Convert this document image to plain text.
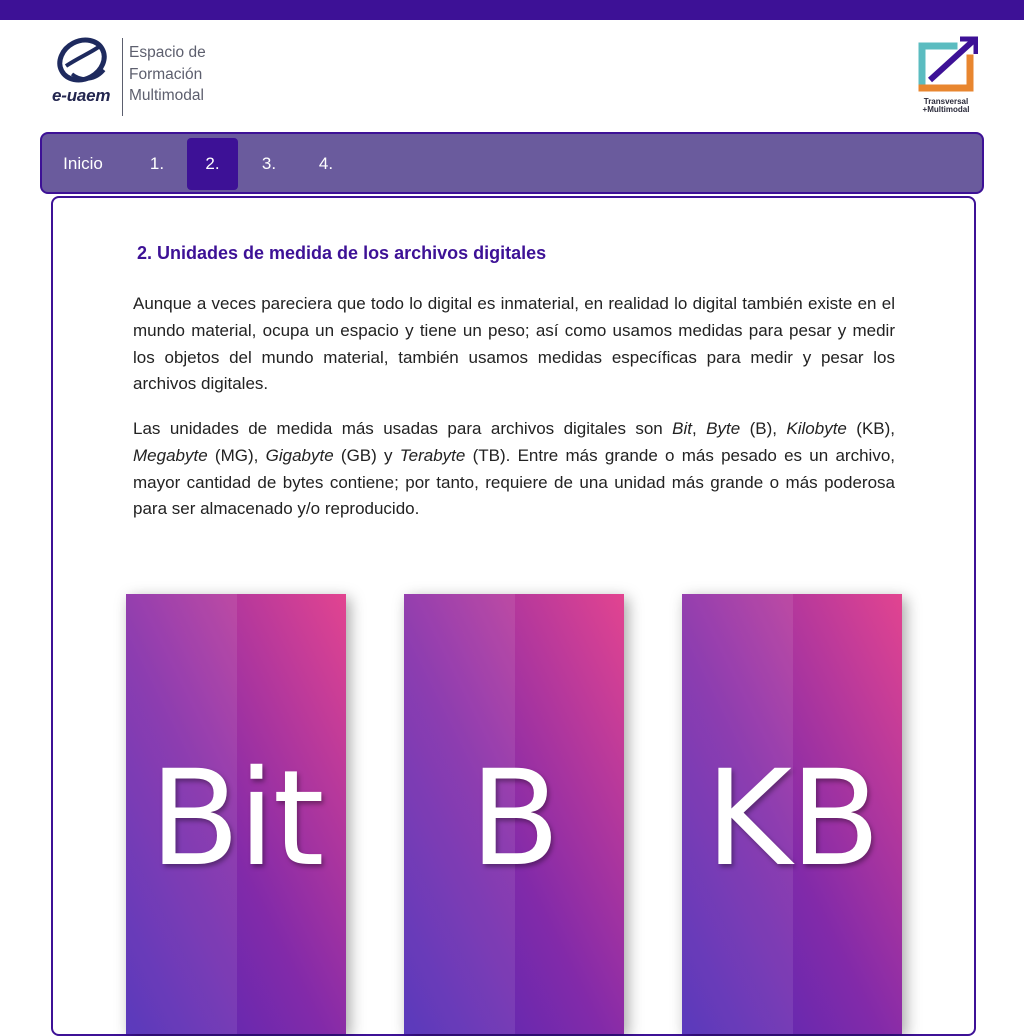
e-uaem
Espacio de
Formación
Multimodal	Transversal
+Multimodal
Inicio	1.	2.	3.	4.
2. Unidades de medida de los archivos digitales

Aunque a veces pareciera que todo lo digital es inmaterial, en realidad lo digital también existe en el mundo material, ocupa un espacio y tiene un peso; así como usamos medidas para pesar y medir los objetos del mundo material, también usamos medidas específicas para medir y pesar los archivos digitales.

Las unidades de medida más usadas para archivos digitales son Bit, Byte (B), Kilobyte (KB), Megabyte (MG), Gigabyte (GB) y Terabyte (TB). Entre más grande o más pesado es un archivo, mayor cantidad de bytes contiene; por tanto, requiere de una unidad más grande o más poderosa para ser almacenado y/o reproducido.

Bit	B	KB
